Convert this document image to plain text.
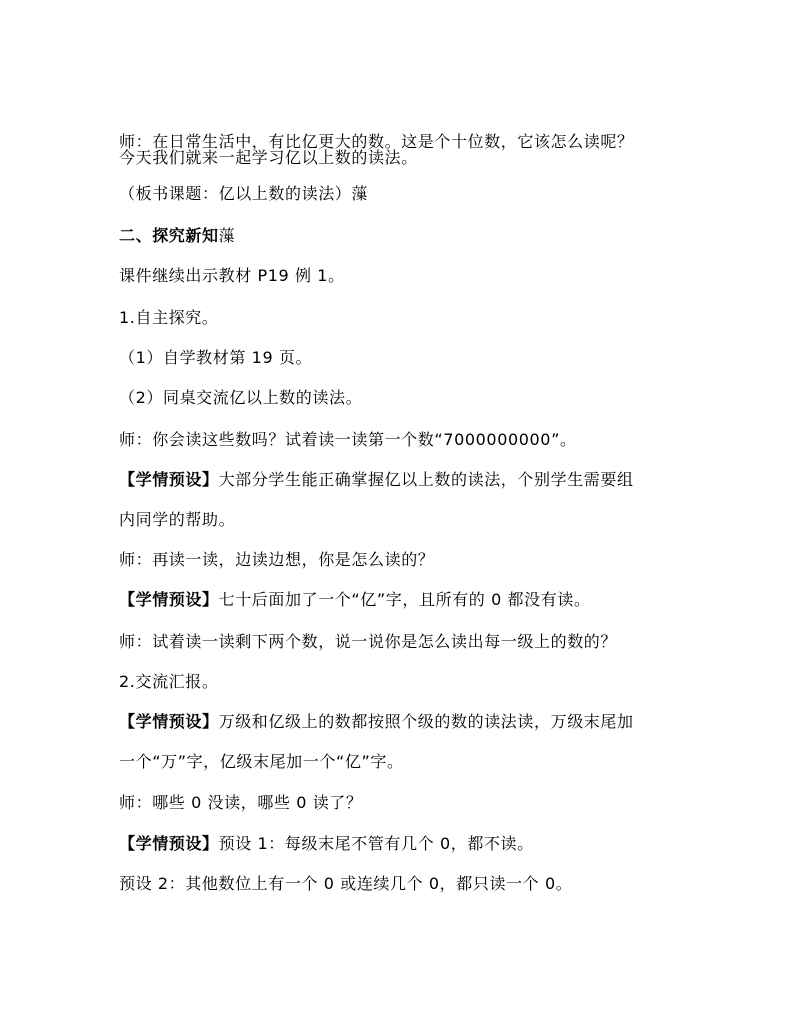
师：在日常生活中，有比亿更大的数。这是个十位数，它该怎么读呢？
今天我们就来一起学习亿以上数的读法。
（板书课题：亿以上数的读法）薻
二、探究新知薻
课件继续出示教材 P19 例 1。
1.自主探究。
（1）自学教材第 19 页。
（2）同桌交流亿以上数的读法。
师：你会读这些数吗？试着读一读第一个数“7000000000”。
【学情预设】大部分学生能正确掌握亿以上数的读法，个别学生需要组
内同学的帮助。
师：再读一读，边读边想，你是怎么读的？
【学情预设】七十后面加了一个“亿”字，且所有的 0 都没有读。
师：试着读一读剩下两个数，说一说你是怎么读出每一级上的数的？
2.交流汇报。
【学情预设】万级和亿级上的数都按照个级的数的读法读，万级末尾加
一个“万”字，亿级末尾加一个“亿”字。
师：哪些 0 没读，哪些 0 读了？
【学情预设】预设 1：每级末尾不管有几个 0，都不读。
预设 2：其他数位上有一个 0 或连续几个 0，都只读一个 0。
